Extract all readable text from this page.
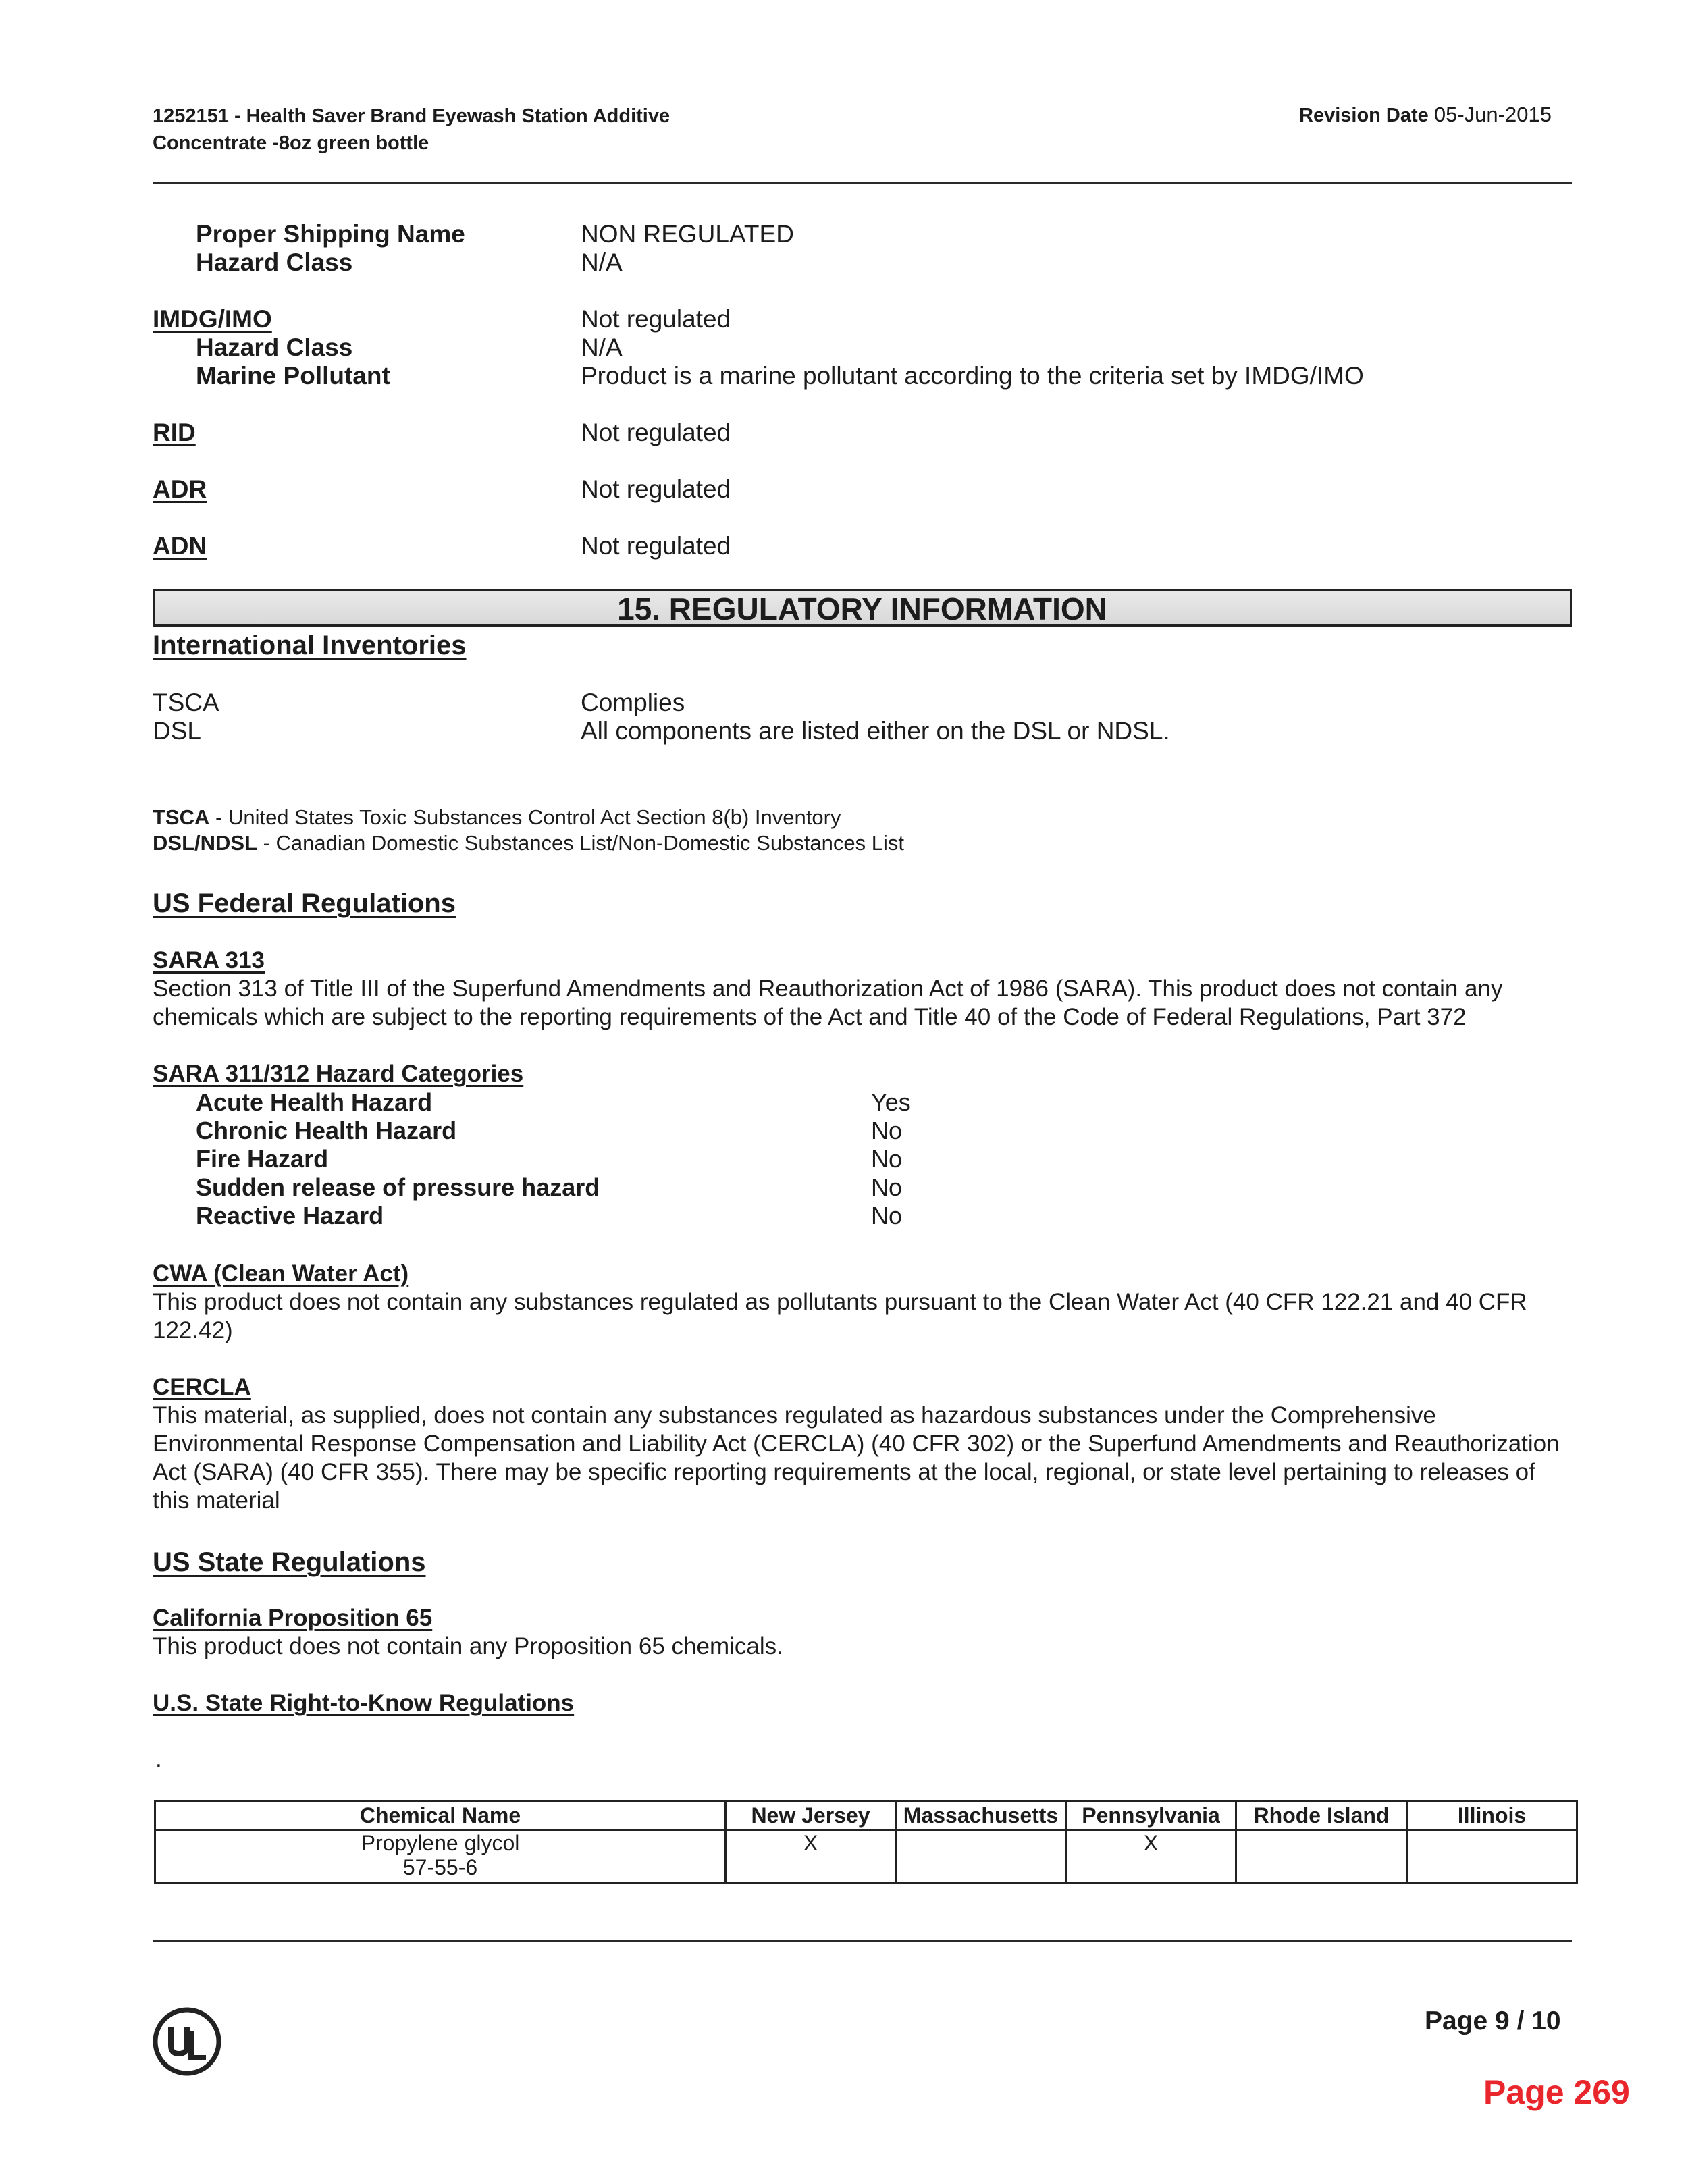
1252151 - Health Saver Brand Eyewash Station Additive
Concentrate -8oz green bottle
Revision Date 05-Jun-2015
Proper Shipping Name	NON REGULATED
Hazard Class	N/A
IMDG/IMO	Not regulated
Hazard Class	N/A
Marine Pollutant	Product is a marine pollutant according to the criteria set by IMDG/IMO
RID	Not regulated
ADR	Not regulated
ADN	Not regulated
15. REGULATORY INFORMATION
International Inventories
TSCA	Complies
DSL	All components are listed either on the DSL or NDSL.
TSCA - United States Toxic Substances Control Act Section 8(b) Inventory
DSL/NDSL - Canadian Domestic Substances List/Non-Domestic Substances List
US Federal Regulations
SARA 313
Section 313 of Title III of the Superfund Amendments and Reauthorization Act of 1986 (SARA). This product does not contain any chemicals which are subject to the reporting requirements of the Act and Title 40 of the Code of Federal Regulations, Part 372
SARA 311/312 Hazard Categories
Acute Health Hazard	Yes
Chronic Health Hazard	No
Fire Hazard	No
Sudden release of pressure hazard	No
Reactive Hazard	No
CWA (Clean Water Act)
This product does not contain any substances regulated as pollutants pursuant to the Clean Water Act (40 CFR 122.21 and 40 CFR 122.42)
CERCLA
This material, as supplied, does not contain any substances regulated as hazardous substances under the Comprehensive Environmental Response Compensation and Liability Act (CERCLA) (40 CFR 302) or the Superfund Amendments and Reauthorization Act (SARA) (40 CFR 355). There may be specific reporting requirements at the local, regional, or state level pertaining to releases of this material
US State Regulations
California Proposition 65
This product does not contain any Proposition 65 chemicals.
U.S. State Right-to-Know Regulations
.
Chemical Name	New Jersey	Massachusetts	Pennsylvania	Rhode Island	Illinois

Propylene glycol
57-55-6	X		X		
Page 9 / 10
Page 269
